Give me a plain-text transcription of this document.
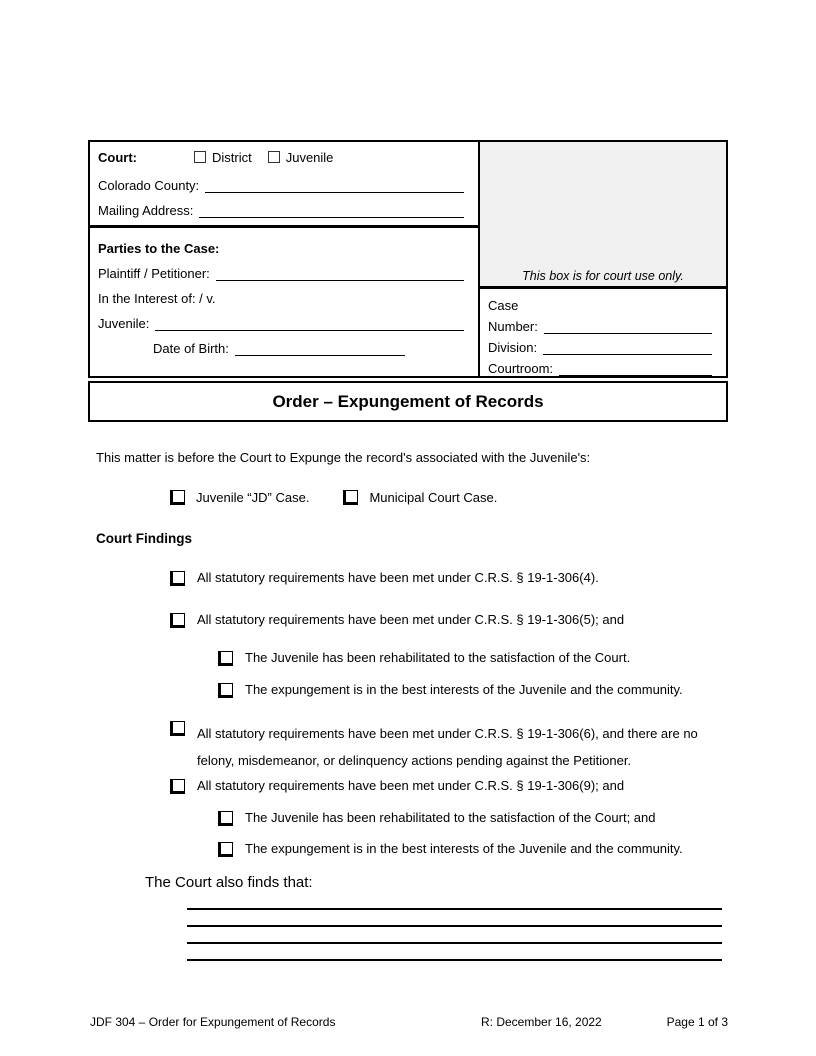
Court:	District	Juvenile
Colorado County:
Mailing Address:
Parties to the Case:
Plaintiff / Petitioner:
In the Interest of: / v.
Juvenile:
Date of Birth:
This box is for court use only.
Case
Number:
Division:
Courtroom:
Order – Expungement of Records

This matter is before the Court to Expunge the record's associated with the Juvenile's:

Juvenile “JD” Case.	Municipal Court Case.
Court Findings
All statutory requirements have been met under C.R.S. § 19-1-306(4).
All statutory requirements have been met under C.R.S. § 19-1-306(5); and
The Juvenile has been rehabilitated to the satisfaction of the Court.
The expungement is in the best interests of the Juvenile and the community.
All statutory requirements have been met under C.R.S. § 19-1-306(6), and there are no felony, misdemeanor, or delinquency actions pending against the Petitioner.
All statutory requirements have been met under C.R.S. § 19-1-306(9); and
The Juvenile has been rehabilitated to the satisfaction of the Court; and
The expungement is in the best interests of the Juvenile and the community.
The Court also finds that:
JDF 304 – Order for Expungement of Records	R: December 16, 2022	Page 1 of 3
